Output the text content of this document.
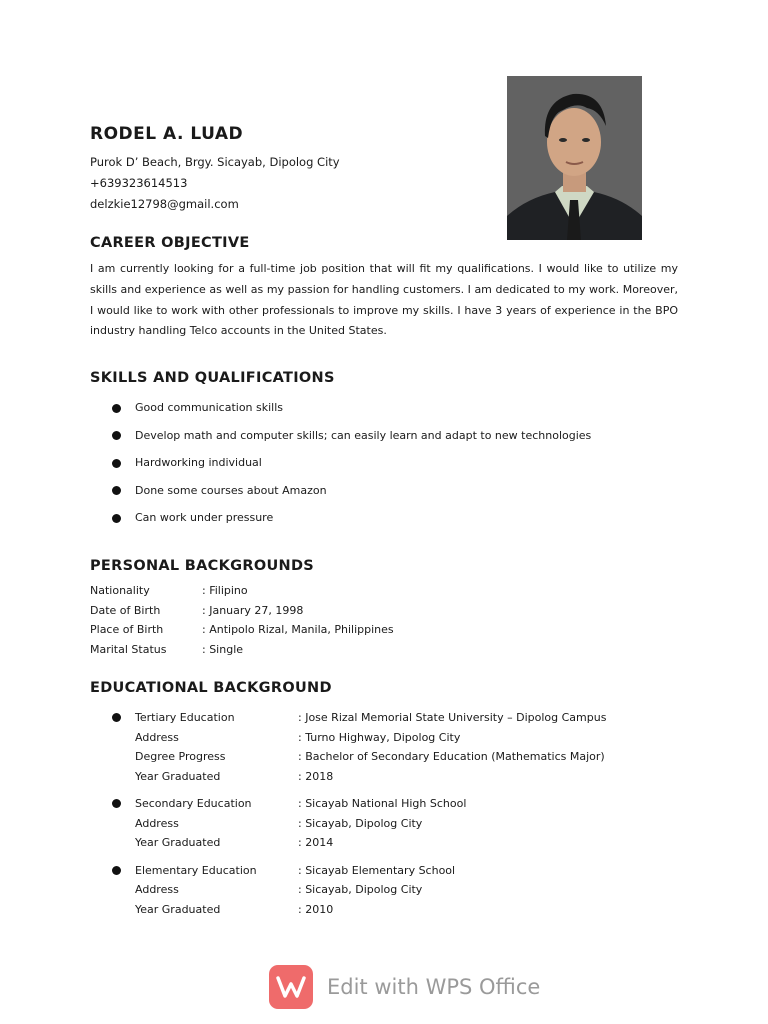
RODEL A. LUAD
Purok D’ Beach, Brgy. Sicayab, Dipolog City
+639323614513
delzkie12798@gmail.com
CAREER OBJECTIVE

I am currently looking for a full-time job position that will fit my qualifications. I would like to utilize my skills and experience as well as my passion for handling customers. I am dedicated to my work. Moreover, I would like to work with other professionals to improve my skills. I have 3 years of experience in the BPO industry handling Telco accounts in the United States.

SKILLS AND QUALIFICATIONS
Good communication skills
Develop math and computer skills; can easily learn and adapt to new technologies
Hardworking individual
Done some courses about Amazon
Can work under pressure
PERSONAL BACKGROUNDS
Nationality	: Filipino
Date of Birth	: January 27, 1998
Place of Birth	: Antipolo Rizal, Manila, Philippines
Marital Status	: Single
EDUCATIONAL BACKGROUND
Tertiary Education	: Jose Rizal Memorial State University – Dipolog Campus
Address	: Turno Highway, Dipolog City
Degree Progress	: Bachelor of Secondary Education (Mathematics Major)
Year Graduated	: 2018
Secondary Education	: Sicayab National High School
Address	: Sicayab, Dipolog City
Year Graduated	: 2014
Elementary Education	: Sicayab Elementary School
Address	: Sicayab, Dipolog City
Year Graduated	: 2010
Edit with WPS Office
